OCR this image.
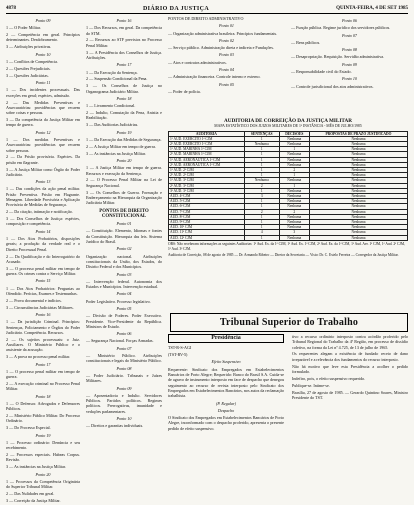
4878	DIÁRIO DA JUSTIÇA	QUINTA-FEIRA, 4 DE SET 1985
Ponto 09

1 — O Poder Militar.

2 — Competência em geral. Princípios determinantes. Desdobramento.

3 — Atribuições privativas.

Ponto 10

1 — Conflitos de Competência.

2 — Questões Prejudiciais.

3 — Questões Judiciárias.

Ponto 11

1 — Dos incidentes processuais. Das exceções em geral; espécies, admissão.

2 — Das Medidas Preventivas e Assecuratórias: providências que recaem sobre coisas e pessoas.

3 — Da competência da Justiça Militar em tempo de guerra.

Ponto 12

1 — Dos medidas Preventivas e Assecuratórias: providências que recaem sobre pessoas.

2 — Da Prisão provisória. Espécies. Da prisão em flagrante.

3 — A Justiça Militar como Órgão do Poder Judiciário.

Ponto 13

1 — Das condições da ação penal militar. Prisão Preventiva. Prisão em Flagrante. Menagem. Liberdade Provisória e Aplicação Provisória de Medidas de Segurança.

2 — Da citação, intimação e notificação.

3 — Dos Conselhos de Justiça: espécies, composição e competência.

Ponto 14

1 — Dos Atos Probatórios, disposições gerais; a produção da verdade real e o Direito Processual Penal.

2 — Da Qualificação e do Interrogatório do Acusado.

3 — O processo penal militar em tempo de guerra. Os crimes contra o Serviço Militar.

Ponto 15

1 — Dos Atos Probatórios: Perguntas ao Ofendido. Perícias, Exames e Testemunhas.

2 — Prova documental e indícios.

3 — Circunstâncias Judiciárias Militares.

Ponto 16

1 — Da jurisdição Criminal. Princípios: Sentenças, Policiamento e Órgãos do Poder Judiciário. Competência. Recursos.

2 — Os sujeitos processuais: o Juiz. Auxiliares. O Ministério Público e o assistente da acusação.

3 — A prova no processo penal militar.

Ponto 17

1 — O processo penal militar em tempo de guerra.

2 — A execução criminal no Processo Penal Militar.

Ponto 18

1 — O Defensor. Advogados e Defensores Públicos.

2 — Ministério Público Militar. Do Processo Ordinário.

3 — Do Processo Especial.

Ponto 19

1 — Processo ordinário: Denúncia e seu recebimento.

2 — Processos especiais. Habeas Corpus. Revisão.

3 — As instâncias na Justiça Militar.

Ponto 20

1 — Processos da Competência Originária do Superior Tribunal Militar.

2 — Das Nulidades em geral.

3 — Correição da Justiça Militar.

Ponto 16

1 — Dos Recursos, em geral. Da competência do STM.

2 — Recursos ao STF previstos no Processo Penal Militar.

3 — A Presidência dos Conselhos de Justiça. Atribuições.

Ponto 17

1 — Da Execução da Sentença.

2 — Suspensão Condicional da Pena.

3 — Os Conselhos de Justiça no Organograma Judiciário Militar.

Ponto 18

1 — Livramento Condicional.

2 — Indulto, Comutação da Pena, Anistia e Reabilitação.

3 — Das Auditorias Judiciárias.

Ponto 19

1 — Da Execução das Medidas de Segurança.

2 — A Justiça Militar em tempo de guerra.

3 — As instâncias na Justiça Militar.

Ponto 20

1 — A Justiça Militar em tempo de guerra. Recursos e execução da Sentença.

2 — O Processo Penal Militar na Lei de Segurança Nacional.

3 — Os Conselhos de Guerra. Formação e Endereçamento na Hierarquia da Organização Judiciária Militar.

PONTOS DE DIREITO CONSTITUCIONAL
Ponto 01

— Constituição. Elemento, Idiomas e fontes da Constituição. Hierarquia das leis. Sistema Jurídico do Brasil.

Ponto 02

Organização nacional. Atribuições constitucionais da União, dos Estados, do Distrito Federal e dos Municípios.

Ponto 03

— Intervenção federal. Autonomia dos Estados e Municípios. Intervenção estadual.

Ponto 04

Poder Legislativo. Processo legislativo.

Ponto 05

— Divisão de Poderes. Poder Executivo. Presidente. Vice-Presidente da República. Ministros de Estado.

Ponto 06

— Segurança Nacional. Forças Armadas.

Ponto 07

— Ministério Público. Atribuições constitucionais e legais do Ministério Público.

Ponto 08

— Poder Judiciário. Tribunais e Juízes Militares.

Ponto 09

— Aposentadoria e Indulto. Servidores Públicos. Partidos políticos. Regimes políticos. Prerrogativas, imunidade e vedações parlamentares.

Ponto 10

— Direitos e garantias individuais.

PONTOS DE DIREITO ADMINISTRATIVO
Ponto 01

— Organização administrativa brasileira. Princípios fundamentais.

Ponto 02

— Serviço público. Administração direta e indireta e Fundações.

Ponto 03

— Atos e contratos administrativos.

Ponto 04

— Administração financeira. Controle interno e externo.

Ponto 05

— Poder de polícia.

Ponto 06

— Função pública. Regime jurídico dos servidores públicos.

Ponto 07

— Bens públicos.

Ponto 08

— Desapropriação. Requisição. Servidão administrativa.

Ponto 09

— Responsabilidade civil do Estado.

Ponto 10

— Controle jurisdicional dos atos administrativos.

AUDITORIA DE CORREIÇÃO DA JUSTIÇA MILITAR
MAPA ESTATÍSTICO DOS JUIZOS MILITARES DE 1ª INSTÂNCIA - MÊS DE JULHO/1985
AUDITORIA	SENTENÇAS	DECISÕES	PROPOSTAS DE PRAZO JUSTIFICADO
1ª AUD. EXÉRCITO 1ª CJM	1	Nenhuma	Nenhuma
2ª AUD. EXÉRCITO 1ª CJM	Nenhuma	Nenhuma	Nenhuma
1ª AUD. MARINHA 1ª CJM	1	1	Nenhuma
2ª AUD. MARINHA 1ª CJM	1	Nenhuma	Nenhuma
1ª AUD. AERONÁUTICA 1ª CJM	1	Nenhuma	Nenhuma
2ª AUD. AERONÁUTICA 1ª CJM	1	Nenhuma	Nenhuma
1ª AUD. 2ª CJM	1	2	Nenhuma
2ª AUD. 2ª CJM	1	1	Nenhuma
1ª AUD. 3ª CJM	Nenhuma	Nenhuma	Nenhuma
2ª AUD. 3ª CJM	2	1	Nenhuma
3ª AUD. 3ª CJM	1	Nenhuma	Nenhuma
AUD. 4ª CJM	3	Nenhuma	Nenhuma
AUD. 5ª CJM	1	Nenhuma	Nenhuma
AUD. 6ª CJM	1	Nenhuma	Nenhuma
AUD. 7ª CJM	2	2	Nenhuma
AUD. 8ª CJM	1	Nenhuma	Nenhuma
AUD. 9ª CJM	1	Nenhuma	Nenhuma
AUD. 10ª CJM	1	Nenhuma	Nenhuma
AUD. 11ª CJM	4	3	Nenhuma
AUD. 12ª CJM	1	Nenhuma	Nenhuma
OBS: Não receberam informações as seguintes Auditorias: 1ª Aud. Ex. da 1ª CJM, 1ª Aud. Ex. 1ª CJM, 2ª Aud. Ex. da 1ª CJM, 1ª Aud. Aer. 1ª CJM, 1ª Aud. 2ª CJM, 1ª Aud. 3ª CJM.
Auditoria de Correição, 08 de agosto de 1985 — Dr. Armando Ribeiro — Diretor da Secretaria — Visto: Dr. C. Estelo Ferreira — Corregedor da Justiça Militar.
Tribunal Superior do Trabalho
Presidência

TST-R-S-AGI

(TST-RV-5)

Efeito Suspensivo

Requerente: Sindicato dos Empregados em Estabelecimentos Bancários de Porto Alegre; Requerido: Banco do Brasil S.A. Cuida-se de agravo de instrumento interposto em face de despacho que denegou seguimento ao recurso de revista interposto pelo Sindicato dos Empregados em Estabelecimentos Bancários, nos autos da reclamação trabalhista.

(P. Regular)
Despacho

O Sindicato dos Empregados em Estabelecimentos Bancários de Porto Alegre, inconformado com o despacho proferido, apresenta o presente pedido de efeito suspensivo.

tivo a recurso ordinário interposto contra acórdão proferido pelo Tribunal Regional do Trabalho da 4ª Região, em processo de dissídio coletivo, na forma da Lei nº 4.725, de 13 de julho de 1965.

Os requerentes alegam a existência de fundado receio de dano irreparável e a relevância dos fundamentos do recurso interposto.

Não há motivo que leve esta Presidência a acolher o pedido formulado.

Indefiro, pois, o efeito suspensivo requerido.

Publique-se. Intime-se.

Brasília, 27 de agosto de 1985. — Gerardo Quintino Soares, Ministro Presidente do TST.
